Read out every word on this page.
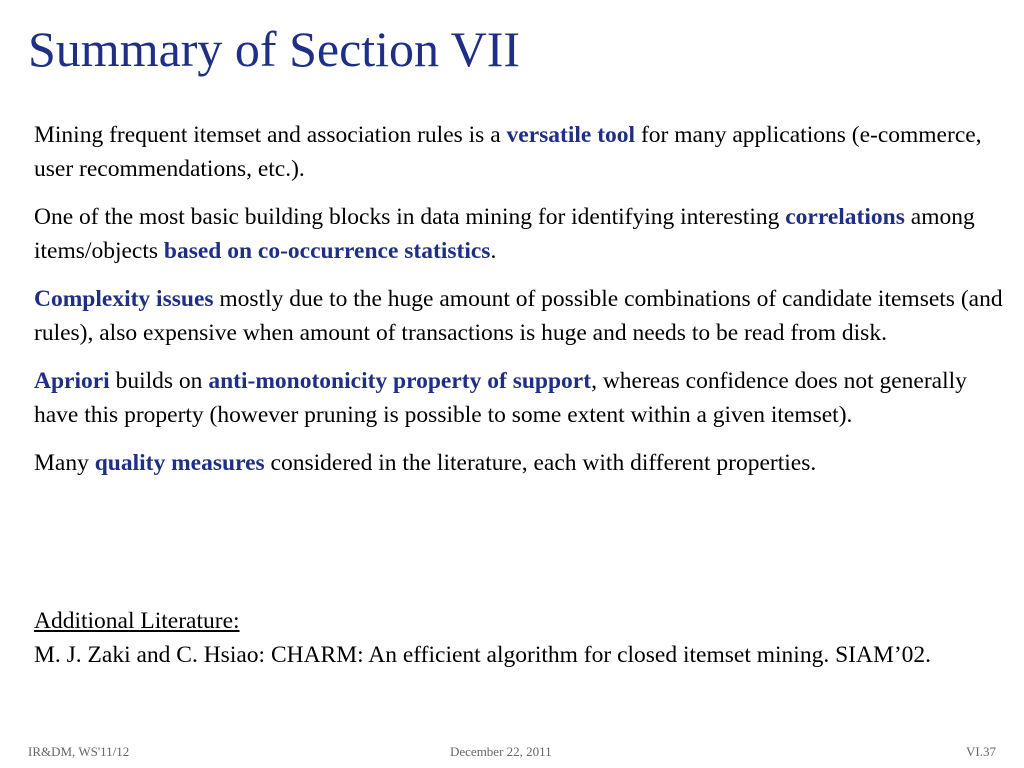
Summary of Section VII

Mining frequent itemset and association rules is a versatile tool for many applications (e-commerce, user recommendations, etc.).

One of the most basic building blocks in data mining for identifying interesting correlations among items/objects based on co-occurrence statistics.

Complexity issues mostly due to the huge amount of possible combinations of candidate itemsets (and rules), also expensive when amount of transactions is huge and needs to be read from disk.

Apriori builds on anti-monotonicity property of support, whereas confidence does not generally have this property (however pruning is possible to some extent within a given itemset).

Many quality measures considered in the literature, each with different properties.

Additional Literature:
M. J. Zaki and C. Hsiao: CHARM: An efficient algorithm for closed itemset mining. SIAM’02.
IR&DM, WS'11/12	December 22, 2011	VI.37
